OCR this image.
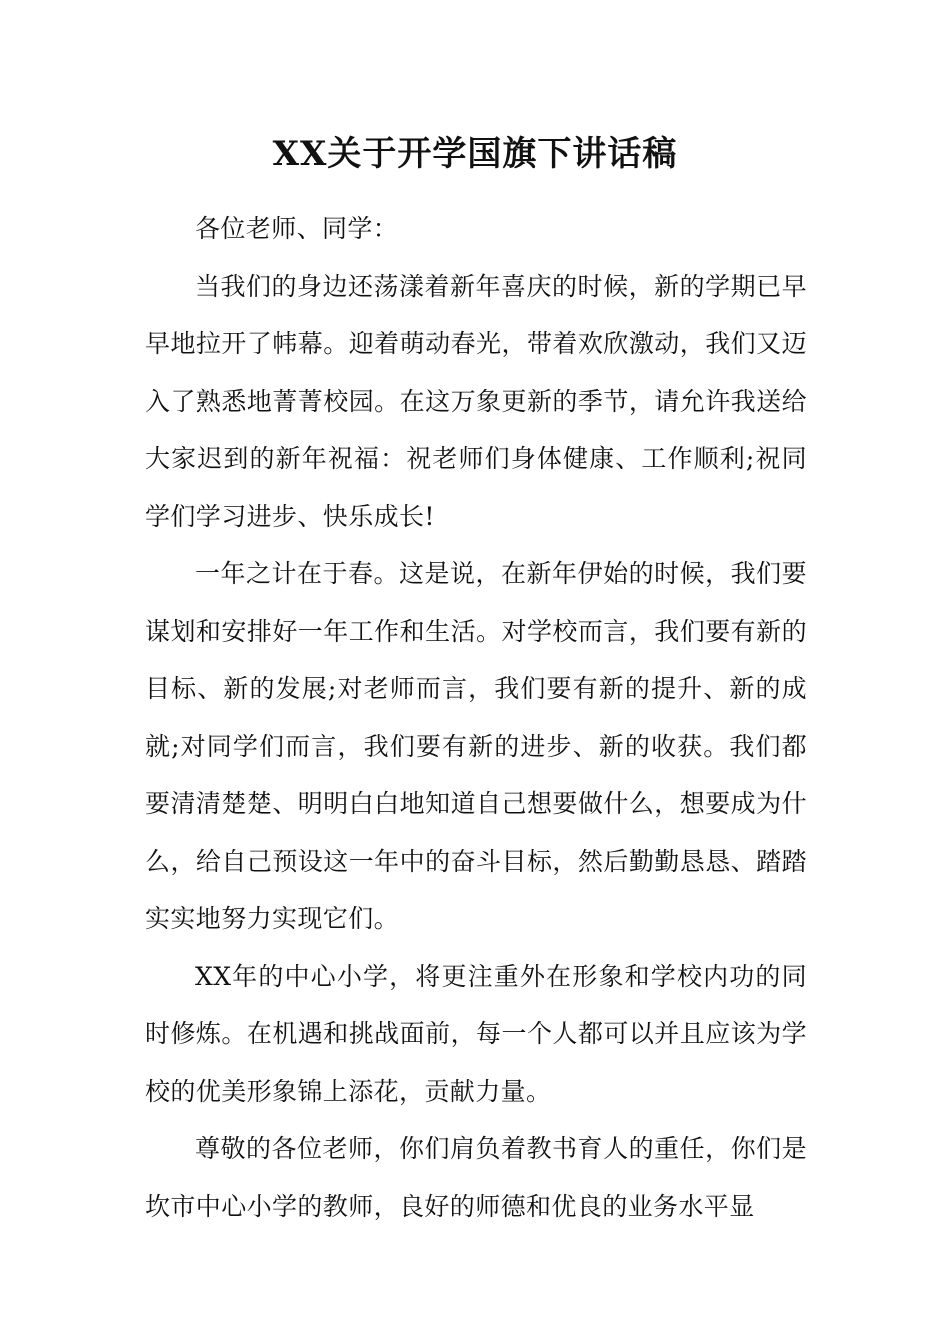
XX关于开学国旗下讲话稿

各位老师、同学：

当我们的身边还荡漾着新年喜庆的时候，新的学期已早早地拉开了帏幕。迎着萌动春光，带着欢欣激动，我们又迈入了熟悉地菁菁校园。在这万象更新的季节，请允许我送给大家迟到的新年祝福：祝老师们身体健康、工作顺利;祝同学们学习进步、快乐成长!

一年之计在于春。这是说，在新年伊始的时候，我们要谋划和安排好一年工作和生活。对学校而言，我们要有新的目标、新的发展;对老师而言，我们要有新的提升、新的成就;对同学们而言，我们要有新的进步、新的收获。我们都要清清楚楚、明明白白地知道自己想要做什么，想要成为什么，给自己预设这一年中的奋斗目标，然后勤勤恳恳、踏踏实实地努力实现它们。

XX年的中心小学，将更注重外在形象和学校内功的同时修炼。在机遇和挑战面前，每一个人都可以并且应该为学校的优美形象锦上添花，贡献力量。

尊敬的各位老师，你们肩负着教书育人的重任，你们是坎市中心小学的教师，良好的师德和优良的业务水平显
